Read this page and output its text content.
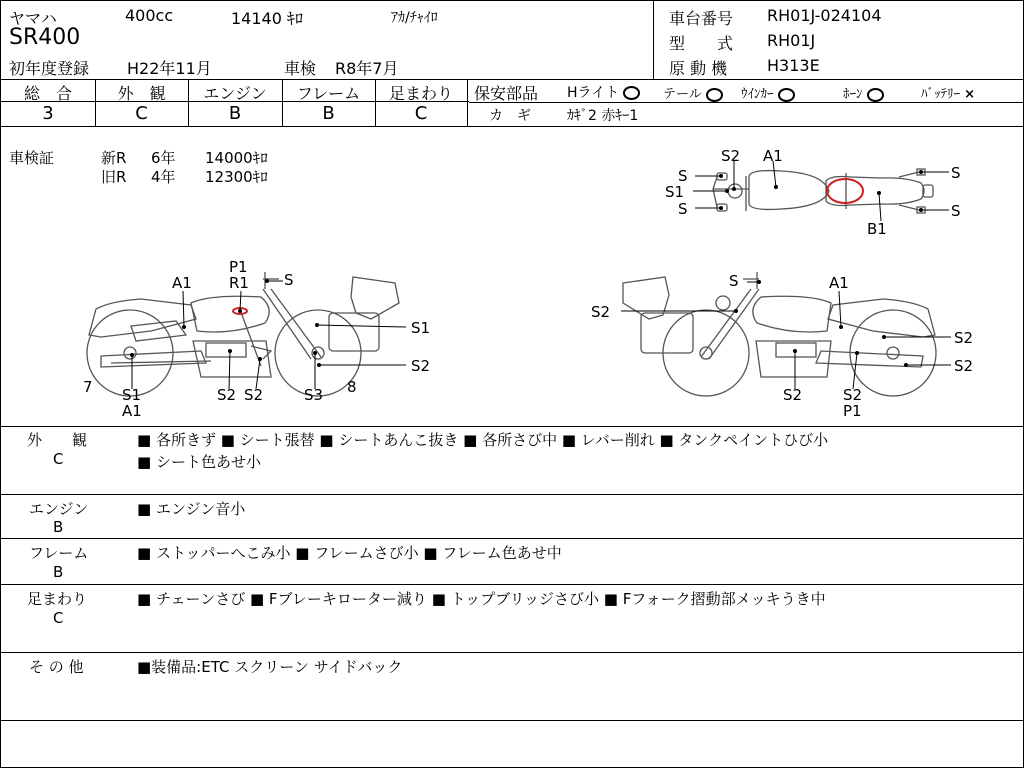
ヤマハ	400cc	14140 ｷﾛ	ｱｶ/ﾁｬｲﾛ
SR400
初年度登録 H22年11月	車検 R8年7月
車台番号 RH01J-024104
型　　式 RH01J
原 動 機 H313E
総　合	外　観	エンジン	フレーム	足まわり
3	C	B	B	C
保安部品 Hライト	テール	ｳｲﾝｶｰ	ﾎｰﾝ	ﾊﾞｯﾃﾘｰ ×
カ　ギ	ｶｷﾞ2 赤ｷｰ1
車検証	新R 6年 14000ｷﾛ
旧R 4年 12300ｷﾛ
S2 A1
S
S1
S
S
S
B1
P1
R1 S
A1
S1
S2
S1
A1
S2 S2	S3
7	8
S	A1
S2
S2
S2
S2	S2
P1
外　　観
C
■ 各所きず ■ シート張替 ■ シートあんこ抜き ■ 各所さび中 ■ レバー削れ ■ タンクペイントひび小
■ シート色あせ小
エンジン
B
■ エンジン音小
フレーム
B
■ ストッパーへこみ小 ■ フレームさび小 ■ フレーム色あせ中
足まわり
C
■ チェーンさび ■ Fブレーキローター減り ■ トップブリッジさび小 ■ Fフォーク摺動部メッキうき中
そ の 他	■装備品:ETC スクリーン サイドバック
